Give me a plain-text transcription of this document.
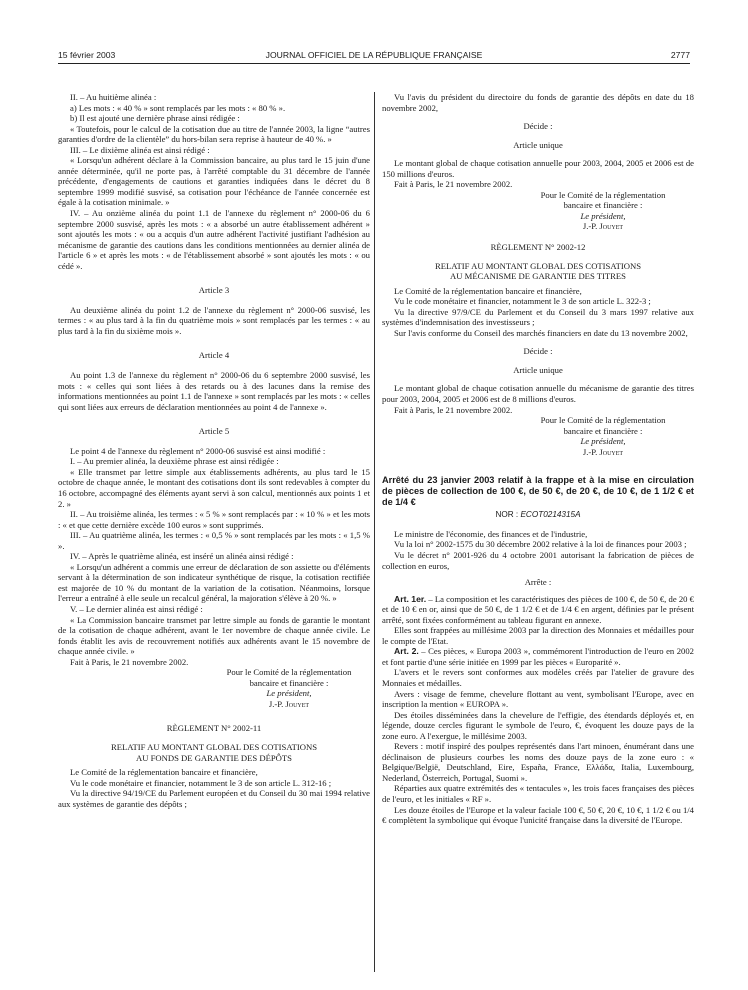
15 février 2003	JOURNAL OFFICIEL DE LA RÉPUBLIQUE FRANÇAISE	2777

II. – Au huitième alinéa :

a) Les mots : « 40 % » sont remplacés par les mots : « 80 % ».

b) Il est ajouté une dernière phrase ainsi rédigée :

« Toutefois, pour le calcul de la cotisation due au titre de l'année 2003, la ligne “autres garanties d'ordre de la clientèle” du hors-bilan sera reprise à hauteur de 40 %. »

III. – Le dixième alinéa est ainsi rédigé :

« Lorsqu'un adhérent déclare à la Commission bancaire, au plus tard le 15 juin d'une année déterminée, qu'il ne porte pas, à l'arrêté comptable du 31 décembre de l'année précédente, d'engagements de cautions et garanties indiquées dans le décret du 8 septembre 1999 modifié susvisé, sa cotisation pour l'échéance de l'année concernée est égale à la cotisation minimale. »

IV. – Au onzième alinéa du point 1.1 de l'annexe du règlement n° 2000-06 du 6 septembre 2000 susvisé, après les mots : « a absorbé un autre établissement adhérent » sont ajoutés les mots : « ou a acquis d'un autre adhérent l'activité justifiant l'adhésion au mécanisme de garantie des cautions dans les conditions mentionnées au dernier alinéa de l'article 6 » et après les mots : « de l'établissement absorbé » sont ajoutés les mots : « ou cédé ».

Article 3

Au deuxième alinéa du point 1.2 de l'annexe du règlement n° 2000-06 susvisé, les termes : « au plus tard à la fin du quatrième mois » sont remplacés par les termes : « au plus tard à la fin du sixième mois ».

Article 4

Au point 1.3 de l'annexe du règlement n° 2000-06 du 6 septembre 2000 susvisé, les mots : « celles qui sont liées à des retards ou à des lacunes dans la remise des informations mentionnées au point 1.1 de l'annexe » sont remplacés par les mots : « celles qui sont liées aux erreurs de déclaration mentionnées au point 4 de l'annexe ».

Article 5

Le point 4 de l'annexe du règlement n° 2000-06 susvisé est ainsi modifié :

I. – Au premier alinéa, la deuxième phrase est ainsi rédigée :

« Elle transmet par lettre simple aux établissements adhérents, au plus tard le 15 octobre de chaque année, le montant des cotisations dont ils sont redevables à compter du 16 octobre, accompagné des éléments ayant servi à son calcul, mentionnés aux points 1 et 2. »

II. – Au troisième alinéa, les termes : « 5 % » sont remplacés par : « 10 % » et les mots : « et que cette dernière excède 100 euros » sont supprimés.

III. – Au quatrième alinéa, les termes : « 0,5 % » sont remplacés par les mots : « 1,5 % ».

IV. – Après le quatrième alinéa, est inséré un alinéa ainsi rédigé :

« Lorsqu'un adhérent a commis une erreur de déclaration de son assiette ou d'éléments servant à la détermination de son indicateur synthétique de risque, la cotisation rectifiée est majorée de 10 % du montant de la variation de la cotisation. Néanmoins, lorsque l'erreur a entraîné à elle seule un recalcul général, la majoration s'élève à 20 %. »

V. – Le dernier alinéa est ainsi rédigé :

« La Commission bancaire transmet par lettre simple au fonds de garantie le montant de la cotisation de chaque adhérent, avant le 1er novembre de chaque année civile. Le fonds établit les avis de recouvrement notifiés aux adhérents avant le 15 novembre de chaque année civile. »

Fait à Paris, le 21 novembre 2002.

Pour le Comité de la réglementation
bancaire et financière :
Le président,
J.-P. Jouyet
RÈGLEMENT N° 2002-11
RELATIF AU MONTANT GLOBAL DES COTISATIONS
AU FONDS DE GARANTIE DES DÉPÔTS

Le Comité de la réglementation bancaire et financière,

Vu le code monétaire et financier, notamment le 3 de son article L. 312-16 ;

Vu la directive 94/19/CE du Parlement européen et du Conseil du 30 mai 1994 relative aux systèmes de garantie des dépôts ;

Vu l'avis du président du directoire du fonds de garantie des dépôts en date du 18 novembre 2002,

Décide :
Article unique

Le montant global de chaque cotisation annuelle pour 2003, 2004, 2005 et 2006 est de 150 millions d'euros.

Fait à Paris, le 21 novembre 2002.

Pour le Comité de la réglementation
bancaire et financière :
Le président,
J.-P. Jouyet
RÈGLEMENT N° 2002-12
RELATIF AU MONTANT GLOBAL DES COTISATIONS
AU MÉCANISME DE GARANTIE DES TITRES

Le Comité de la réglementation bancaire et financière,

Vu le code monétaire et financier, notamment le 3 de son article L. 322-3 ;

Vu la directive 97/9/CE du Parlement et du Conseil du 3 mars 1997 relative aux systèmes d'indemnisation des investisseurs ;

Sur l'avis conforme du Conseil des marchés financiers en date du 13 novembre 2002,

Décide :
Article unique

Le montant global de chaque cotisation annuelle du mécanisme de garantie des titres pour 2003, 2004, 2005 et 2006 est de 8 millions d'euros.

Fait à Paris, le 21 novembre 2002.

Pour le Comité de la réglementation
bancaire et financière :
Le président,
J.-P. Jouyet
Arrêté du 23 janvier 2003 relatif à la frappe et à la mise en circulation de pièces de collection de 100 €, de 50 €, de 20 €, de 10 €, de 1 1/2 € et de 1/4 €
NOR : ECOT0214315A

Le ministre de l'économie, des finances et de l'industrie,

Vu la loi n° 2002-1575 du 30 décembre 2002 relative à la loi de finances pour 2003 ;

Vu le décret n° 2001-926 du 4 octobre 2001 autorisant la fabrication de pièces de collection en euros,

Arrête :

Art. 1er. – La composition et les caractéristiques des pièces de 100 €, de 50 €, de 20 € et de 10 € en or, ainsi que de 50 €, de 1 1/2 € et de 1/4 € en argent, définies par le présent arrêté, sont fixées conformément au tableau figurant en annexe.

Elles sont frappées au millésime 2003 par la direction des Monnaies et médailles pour le compte de l'Etat.

Art. 2. – Ces pièces, « Europa 2003 », commémorent l'introduction de l'euro en 2002 et font partie d'une série initiée en 1999 par les pièces « Europarité ».

L'avers et le revers sont conformes aux modèles créés par l'atelier de gravure des Monnaies et médailles.

Avers : visage de femme, chevelure flottant au vent, symbolisant l'Europe, avec en inscription la mention « EUROPA ».

Des étoiles disséminées dans la chevelure de l'effigie, des étendards déployés et, en légende, douze cercles figurant le symbole de l'euro, €, évoquent les douze pays de la zone euro. A l'exergue, le millésime 2003.

Revers : motif inspiré des poulpes représentés dans l'art minoen, énumérant dans une déclinaison de plusieurs courbes les noms des douze pays de la zone euro : « Belgique/België, Deutschland, Eire, España, France, Ελλάδα, Italia, Luxembourg, Nederland, Österreich, Portugal, Suomi ».

Réparties aux quatre extrémités des « tentacules », les trois faces françaises des pièces de l'euro, et les initiales « RF ».

Les douze étoiles de l'Europe et la valeur faciale 100 €, 50 €, 20 €, 10 €, 1 1/2 € ou 1/4 € complètent la symbolique qui évoque l'unicité française dans la diversité de l'Europe.
